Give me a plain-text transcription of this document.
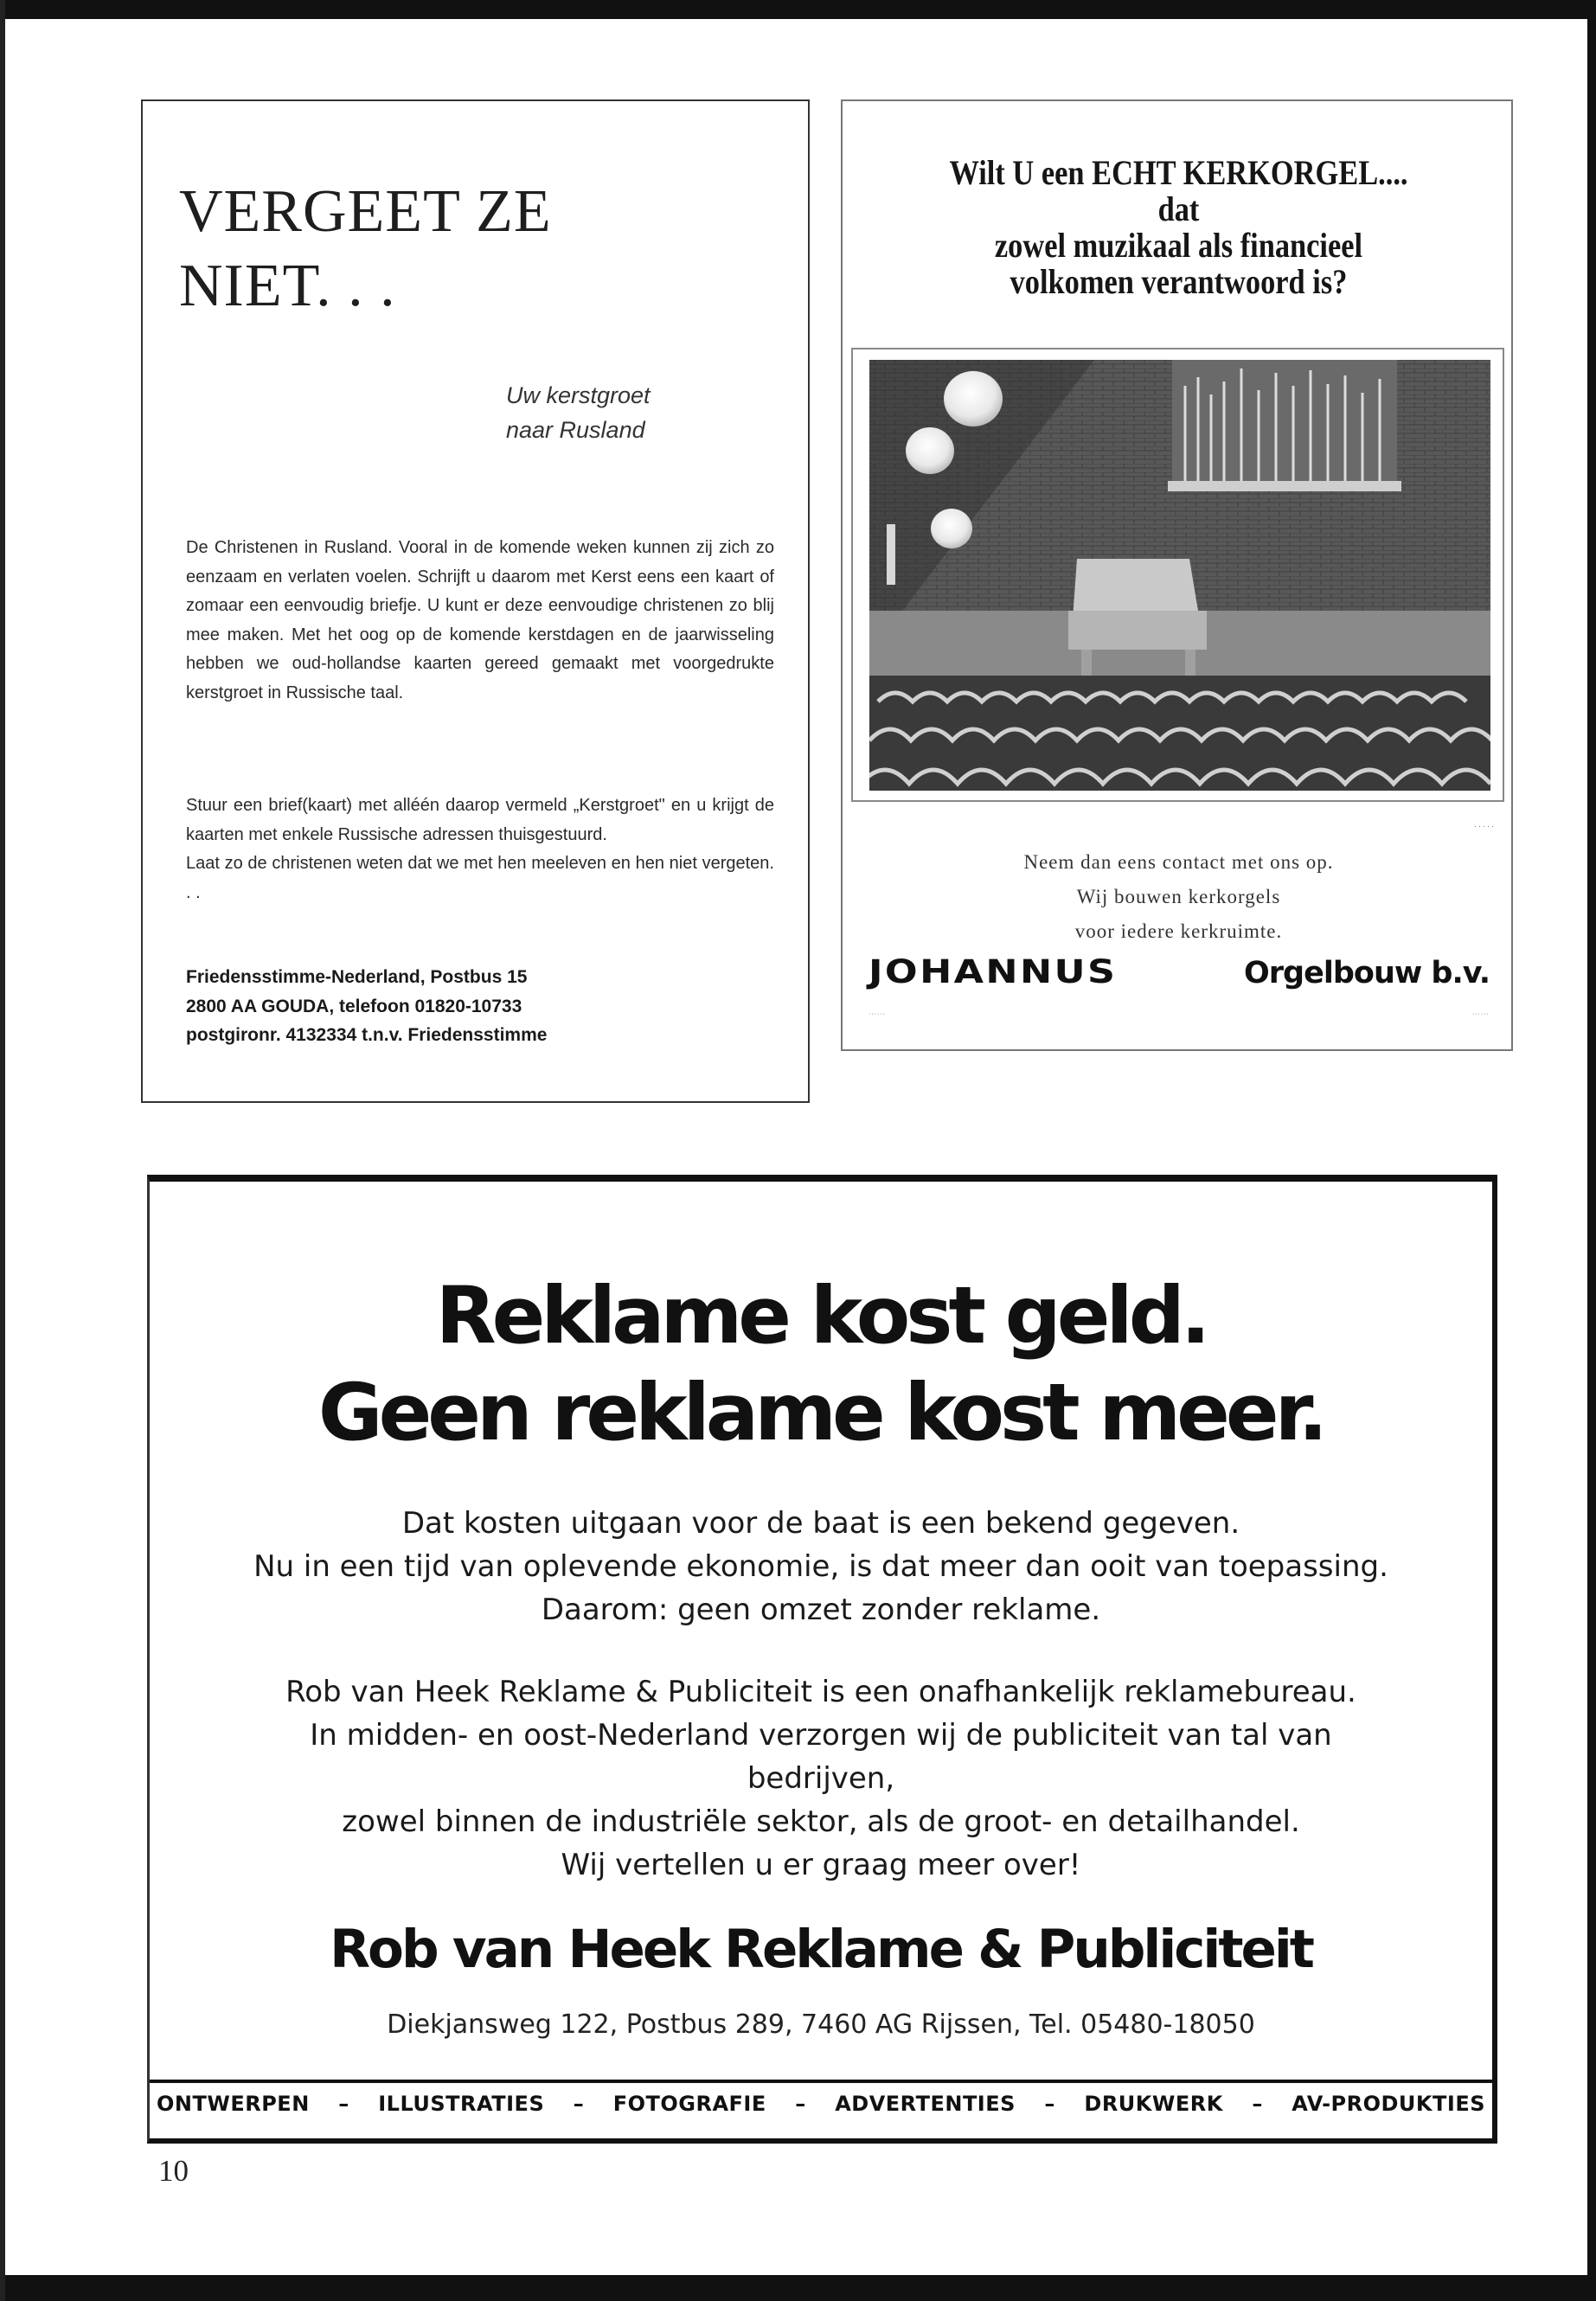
VERGEET ZE
NIET. . .
Uw kerstgroet
naar Rusland

De Christenen in Rusland. Vooral in de komende weken kunnen zij zich zo eenzaam en verlaten voelen. Schrijft u daarom met Kerst eens een kaart of zomaar een eenvoudig briefje. U kunt er deze eenvoudige christenen zo blij mee maken. Met het oog op de komende kerstdagen en de jaarwisseling hebben we oud-hollandse kaarten gereed gemaakt met voorgedrukte kerstgroet in Russische taal.

Stuur een brief(kaart) met alléén daarop vermeld „Kerstgroet" en u krijgt de kaarten met enkele Russische adressen thuisgestuurd.

Laat zo de christenen weten dat we met hen meeleven en hen niet vergeten. . .

Friedensstimme-Nederland, Postbus 15
2800 AA GOUDA, telefoon 01820-10733
postgironr. 4132334 t.n.v. Friedensstimme
Wilt U een ECHT KERKORGEL....
dat
zowel muzikaal als financieel
volkomen verantwoord is?
·····
Neem dan eens contact met ons op.
Wij bouwen kerkorgels
voor iedere kerkruimte.
JOHANNUS	Orgelbouw b.v.
······	······
Reklame kost geld.
Geen reklame kost meer.
Dat kosten uitgaan voor de baat is een bekend gegeven.
Nu in een tijd van oplevende ekonomie, is dat meer dan ooit van toepassing.
Daarom: geen omzet zonder reklame.
Rob van Heek Reklame & Publiciteit is een onafhankelijk reklamebureau.
In midden- en oost-Nederland verzorgen wij de publiciteit van tal van
bedrijven,
zowel binnen de industriële sektor, als de groot- en detailhandel.
Wij vertellen u er graag meer over!
Rob van Heek Reklame & Publiciteit
Diekjansweg 122, Postbus 289, 7460 AG Rijssen, Tel. 05480-18050
ONTWERPEN – ILLUSTRATIES – FOTOGRAFIE – ADVERTENTIES – DRUKWERK – AV-PRODUKTIES
10
